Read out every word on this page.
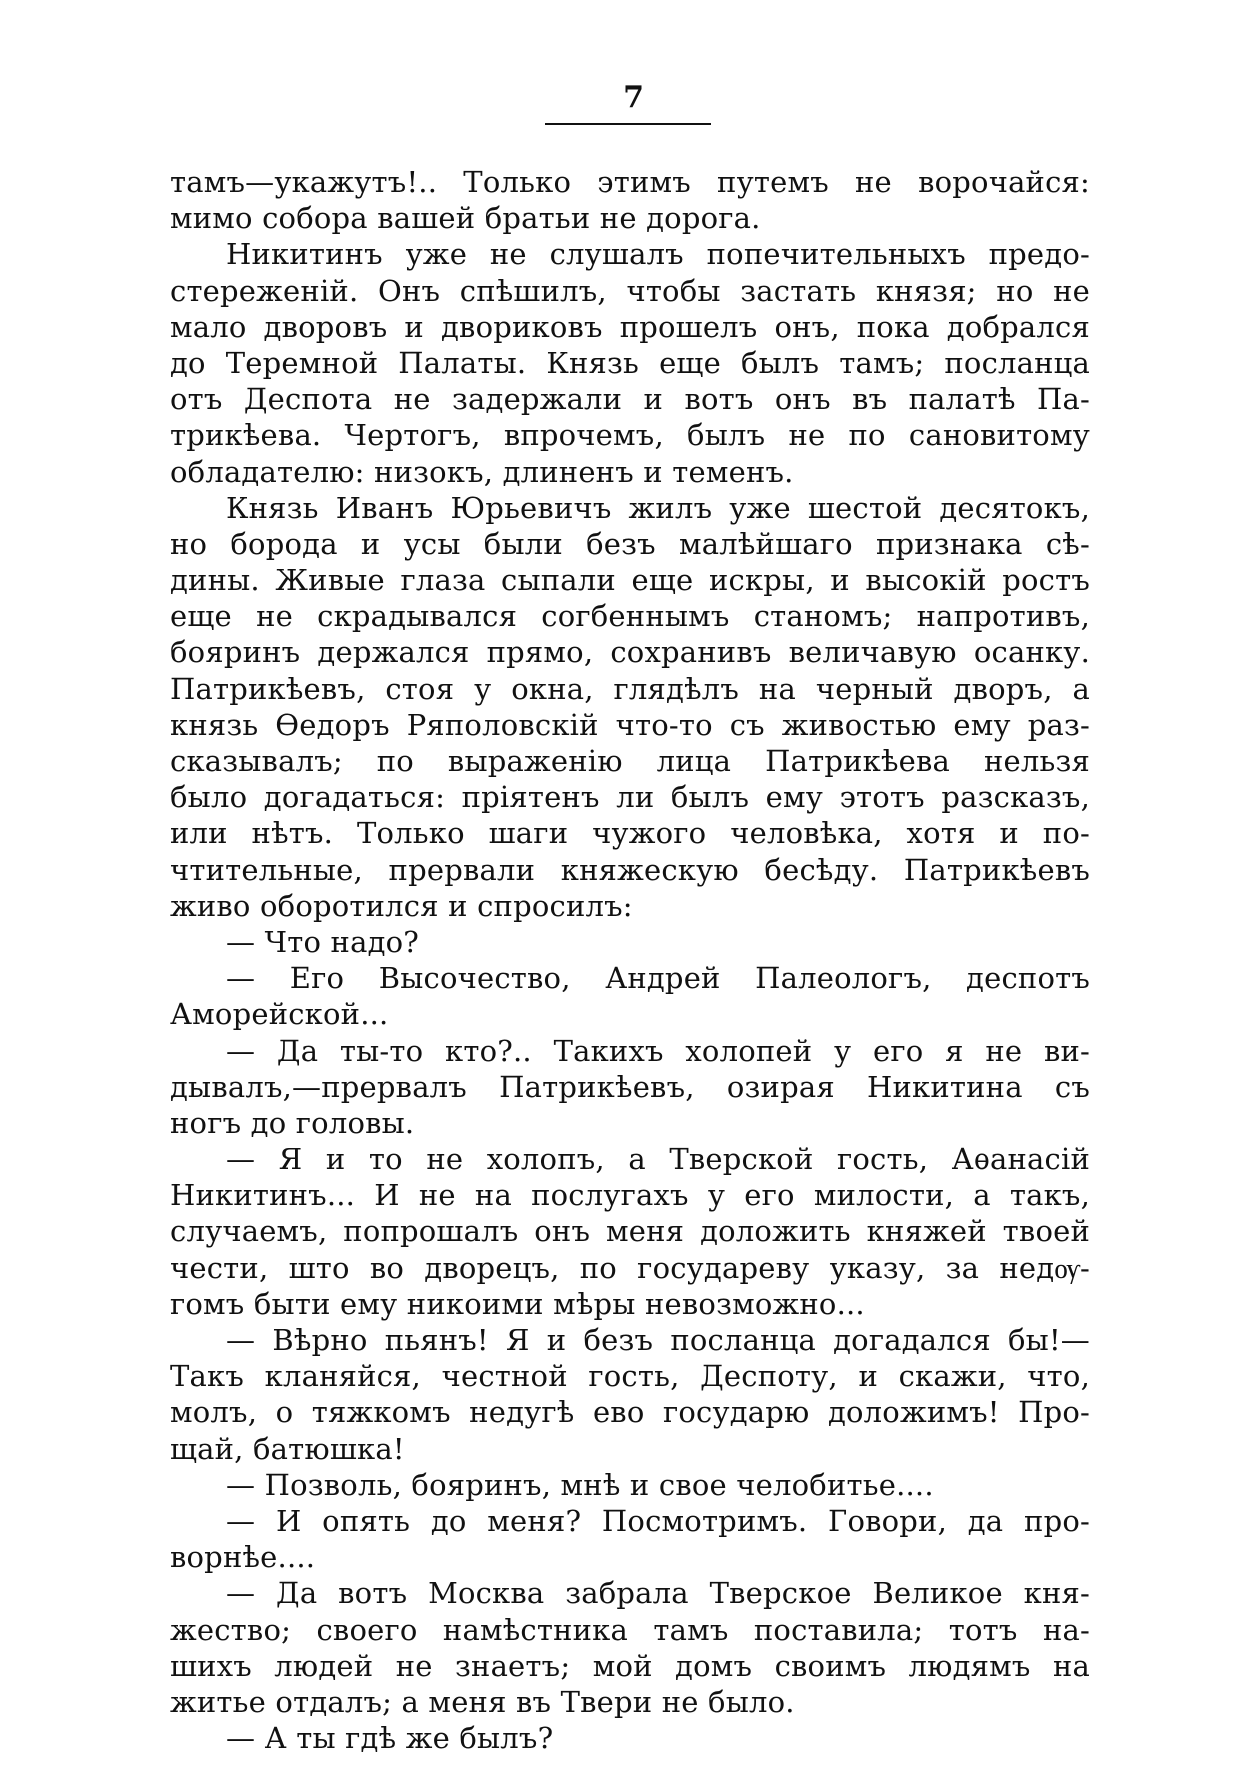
7
тамъ—укажутъ!.. Только этимъ путемъ не ворочайся:
мимо собора вашей братьи не дорога.
Никитинъ уже не слушалъ попечительныхъ предо-
стереженій. Онъ спѣшилъ, чтобы застать князя; но не
мало дворовъ и двориковъ прошелъ онъ, пока добрался
до Теремной Палаты. Князь еще былъ тамъ; посланца
отъ Деспота не задержали и вотъ онъ въ палатѣ Па-
трикѣева. Чертогъ, впрочемъ, былъ не по сановитому
обладателю: низокъ, длиненъ и теменъ.
Князь Иванъ Юрьевичъ жилъ уже шестой десятокъ,
но борода и усы были безъ малѣйшаго признака сѣ-
дины. Живые глаза сыпали еще искры, и высокій ростъ
еще не скрадывался согбеннымъ станомъ; напротивъ,
бояринъ держался прямо, сохранивъ величавую осанку.
Патрикѣевъ, стоя у окна, глядѣлъ на черный дворъ, а
князь Ѳедоръ Ряполовскій что-то съ живостью ему раз-
сказывалъ; по выраженію лица Патрикѣева нельзя
было догадаться: пріятенъ ли былъ ему этотъ разсказъ,
или нѣтъ. Только шаги чужого человѣка, хотя и по-
чтительные, прервали княжескую бесѣду. Патрикѣевъ
живо оборотился и спросилъ:
— Что надо?
— Его Высочество, Андрей Палеологъ, деспотъ
Аморейской...
— Да ты-то кто?.. Такихъ холопей у его я не ви-
дывалъ,—прервалъ Патрикѣевъ, озирая Никитина съ
ногъ до головы.
— Я и то не холопъ, а Тверской гость, Аѳанасій
Никитинъ... И не на послугахъ у его милости, а такъ,
случаемъ, попрошалъ онъ меня доложить княжей твоей
чести, што во дворецъ, по государеву указу, за недѹ-
гомъ быти ему никоими мѣры невозможно...
— Вѣрно пьянъ! Я и безъ посланца догадался бы!—
Такъ кланяйся, честной гость, Деспоту, и скажи, что,
молъ, о тяжкомъ недугѣ ево государю доложимъ! Про-
щай, батюшка!
— Позволь, бояринъ, мнѣ и свое челобитье....
— И опять до меня? Посмотримъ. Говори, да про-
ворнѣе....
— Да вотъ Москва забрала Тверское Великое кня-
жество; своего намѣстника тамъ поставила; тотъ на-
шихъ людей не знаетъ; мой домъ своимъ людямъ на
житье отдалъ; а меня въ Твери не было.
— А ты гдѣ же былъ?
